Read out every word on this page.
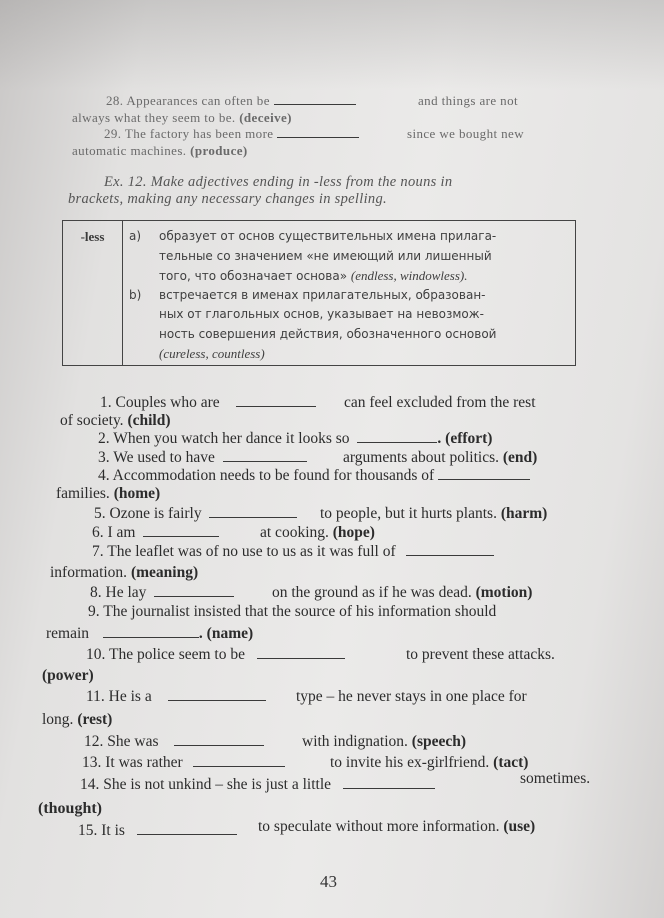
28. Appearances can often be	and things are not
always what they seem to be. (deceive)
29. The factory has been more	since we bought new
automatic machines. (produce)
Ex. 12. Make adjectives ending in -less from the nouns in
brackets, making any necessary changes in spelling.
-less	a) образует от основ существительных имена прилага-
тельные со значением «не имеющий или лишенный
того, что обозначает основа» (endless, windowless).
b) встречается в именах прилагательных, образован-
ных от глагольных основ, указывает на невозмож-
ность совершения действия, обозначенного основой
(cureless, countless)
1. Couples who are	can feel excluded from the rest
of society. (child)
2. When you watch her dance it looks so	. (effort)
3. We used to have	arguments about politics. (end)
4. Accommodation needs to be found for thousands of
families. (home)
5. Ozone is fairly	to people, but it hurts plants. (harm)
6. I am	at cooking. (hope)
7. The leaflet was of no use to us as it was full of
information. (meaning)
8. He lay	on the ground as if he was dead. (motion)
9. The journalist insisted that the source of his information should
remain	. (name)
10. The police seem to be	to prevent these attacks.
(power)
11. He is a	type – he never stays in one place for
long. (rest)
12. She was	with indignation. (speech)
13. It was rather	to invite his ex-girlfriend. (tact)
14. She is not unkind – she is just a little	sometimes.
(thought)
15. It is	to speculate without more information. (use)
43
